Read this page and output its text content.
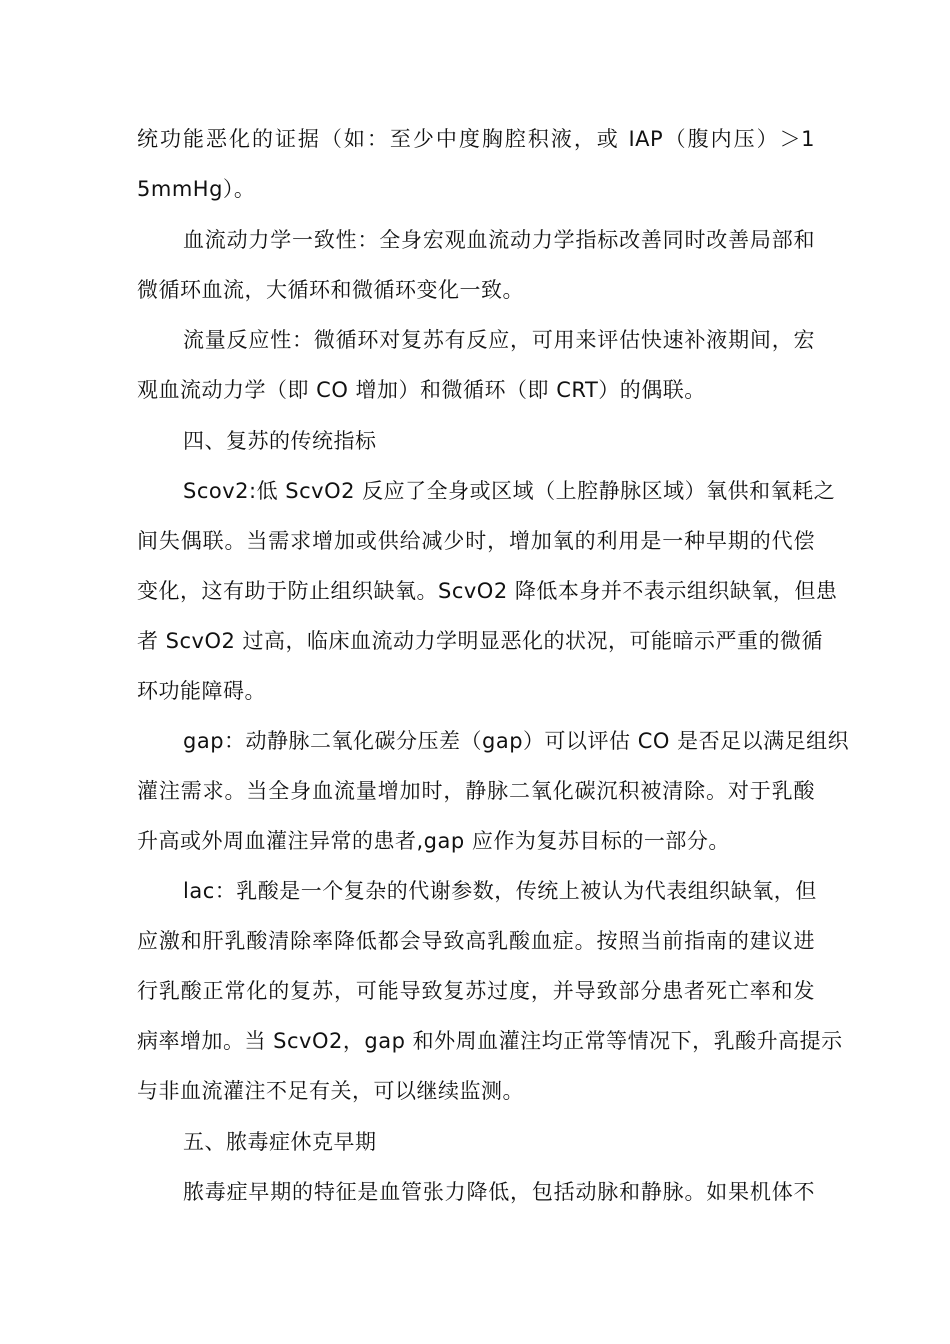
统功能恶化的证据（如：至少中度胸腔积液，或 IAP（腹内压）＞1
5mmHg）。
血流动力学一致性：全身宏观血流动力学指标改善同时改善局部和
微循环血流，大循环和微循环变化一致。
流量反应性：微循环对复苏有反应，可用来评估快速补液期间，宏
观血流动力学（即 CO 增加）和微循环（即 CRT）的偶联。
四、复苏的传统指标
Scov2:低 ScvO2 反应了全身或区域（上腔静脉区域）氧供和氧耗之
间失偶联。当需求增加或供给减少时，增加氧的利用是一种早期的代偿
变化，这有助于防止组织缺氧。ScvO2 降低本身并不表示组织缺氧，但患
者 ScvO2 过高，临床血流动力学明显恶化的状况，可能暗示严重的微循
环功能障碍。
gap：动静脉二氧化碳分压差（gap）可以评估 CO 是否足以满足组织
灌注需求。当全身血流量增加时，静脉二氧化碳沉积被清除。对于乳酸
升高或外周血灌注异常的患者,gap 应作为复苏目标的一部分。
lac：乳酸是一个复杂的代谢参数，传统上被认为代表组织缺氧，但
应激和肝乳酸清除率降低都会导致高乳酸血症。按照当前指南的建议进
行乳酸正常化的复苏，可能导致复苏过度，并导致部分患者死亡率和发
病率增加。当 ScvO2，gap 和外周血灌注均正常等情况下，乳酸升高提示
与非血流灌注不足有关，可以继续监测。
五、脓毒症休克早期
脓毒症早期的特征是血管张力降低，包括动脉和静脉。如果机体不
